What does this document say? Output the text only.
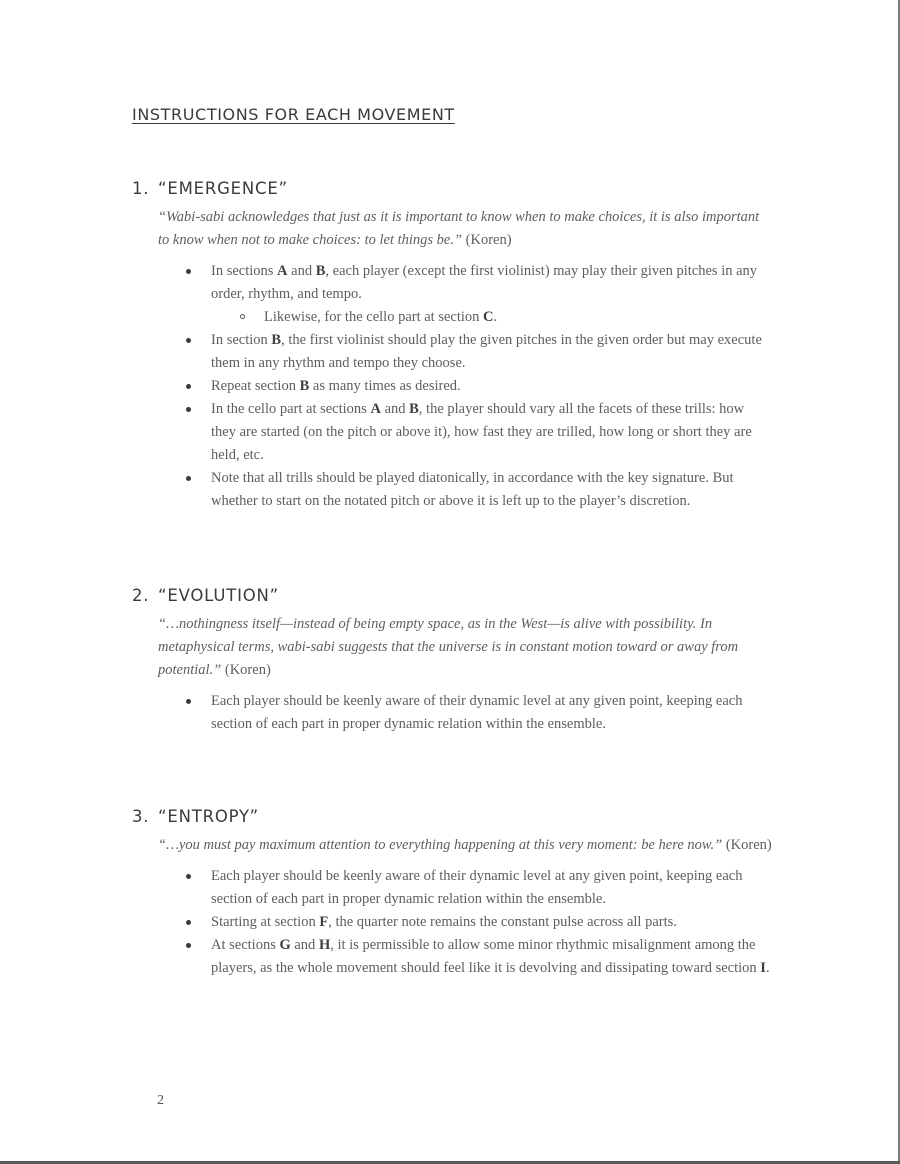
INSTRUCTIONS FOR EACH MOVEMENT
1. “EMERGENCE”

“Wabi-sabi acknowledges that just as it is important to know when to make choices, it is also important to know when not to make choices: to let things be.” (Koren)

In sections A and B, each player (except the first violinist) may play their given pitches in any order, rhythm, and tempo.
Likewise, for the cello part at section C.
In section B, the first violinist should play the given pitches in the given order but may execute them in any rhythm and tempo they choose.
Repeat section B as many times as desired.
In the cello part at sections A and B, the player should vary all the facets of these trills: how they are started (on the pitch or above it), how fast they are trilled, how long or short they are held, etc.
Note that all trills should be played diatonically, in accordance with the key signature. But whether to start on the notated pitch or above it is left up to the player’s discretion.
2. “EVOLUTION”

“…nothingness itself—instead of being empty space, as in the West—is alive with possibility. In metaphysical terms, wabi-sabi suggests that the universe is in constant motion toward or away from potential.” (Koren)

Each player should be keenly aware of their dynamic level at any given point, keeping each section of each part in proper dynamic relation within the ensemble.
3. “ENTROPY”

“…you must pay maximum attention to everything happening at this very moment: be here now.” (Koren)

Each player should be keenly aware of their dynamic level at any given point, keeping each section of each part in proper dynamic relation within the ensemble.
Starting at section F, the quarter note remains the constant pulse across all parts.
At sections G and H, it is permissible to allow some minor rhythmic misalignment among the players, as the whole movement should feel like it is devolving and dissipating toward section I.
2
